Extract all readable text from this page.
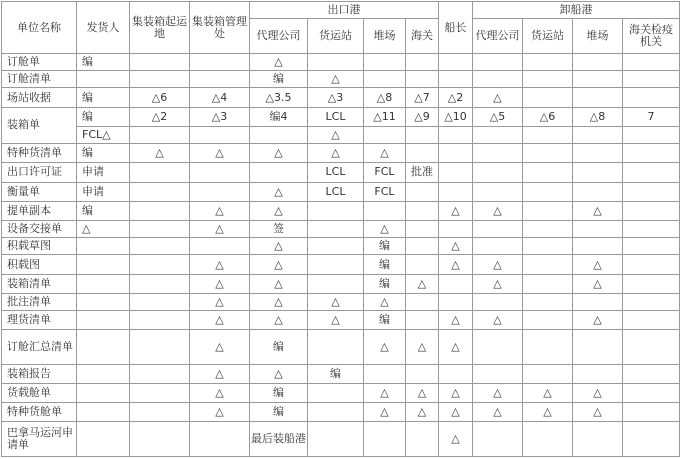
单位名称	发货人	集装箱起运地	集装箱管理处	出口港				船长	卸船港			
				代理公司	货运站	堆场	海关		代理公司	货运站	堆场	海关检疫机关
订舱单	编			△								
订舱清单				编	△							
场站收据	编	△6	△4	△3.5	△3	△8	△7	△2	△			
装箱单	编	△2	△3	编4	LCL	△11	△9	△10	△5	△6	△8	7
	FCL△				△							
特种货清单	编	△	△	△	△	△						
出口许可证	申请				LCL	FCL	批准					
衡量单	申请			△	LCL	FCL						
提单副本	编		△	△				△	△		△	
设备交接单	△		△	签		△						
积载草图				△		编		△				
积载图			△	△		编		△	△		△	
装箱清单			△	△		编	△		△		△	
批注清单			△	△	△	△						
理货清单			△	△	△	编		△	△		△	
订舱汇总清单			△	编		△	△	△				
装箱报告			△	△	编							
货载舱单			△	编		△	△	△	△	△	△	
特种货舱单			△	编		△	△	△	△	△	△	
巴拿马运河申请单				最后装船港				△				
